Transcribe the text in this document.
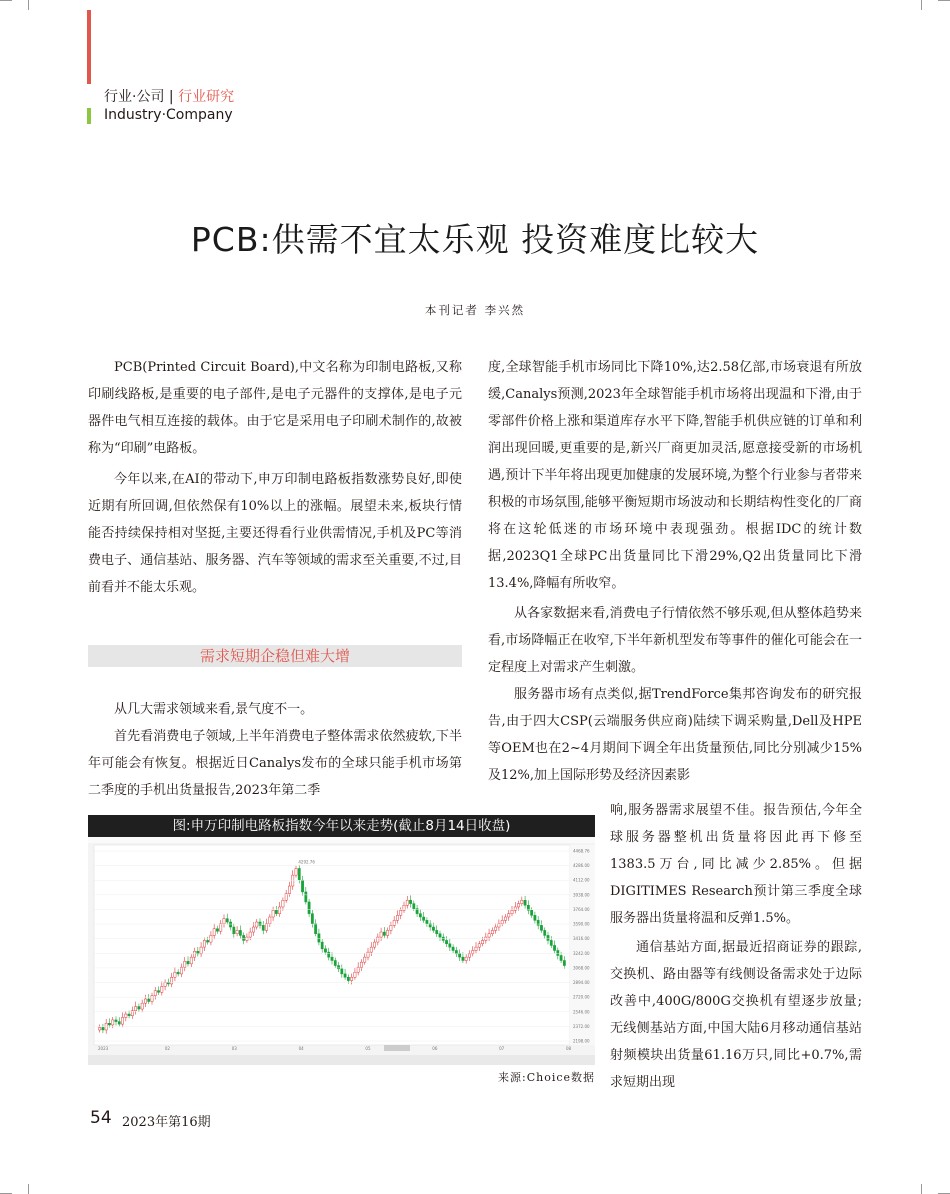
行业·公司 | 行业研究
Industry·Company
PCB:供需不宜太乐观 投资难度比较大
本刊记者 李兴然

PCB(Printed Circuit Board),中文名称为印制电路板,又称印刷线路板,是重要的电子部件,是电子元器件的支撑体,是电子元器件电气相互连接的载体。由于它是采用电子印刷术制作的,故被称为“印刷”电路板。

今年以来,在AI的带动下,申万印制电路板指数涨势良好,即使近期有所回调,但依然保有10%以上的涨幅。展望未来,板块行情能否持续保持相对坚挺,主要还得看行业供需情况,手机及PC等消费电子、通信基站、服务器、汽车等领域的需求至关重要,不过,目前看并不能太乐观。

需求短期企稳但难大增

从几大需求领域来看,景气度不一。

首先看消费电子领域,上半年消费电子整体需求依然疲软,下半年可能会有恢复。根据近日Canalys发布的全球只能手机市场第二季度的手机出货量报告,2023年第二季

度,全球智能手机市场同比下降10%,达2.58亿部,市场衰退有所放缓,Canalys预测,2023年全球智能手机市场将出现温和下滑,由于零部件价格上涨和渠道库存水平下降,智能手机供应链的订单和利润出现回暖,更重要的是,新兴厂商更加灵活,愿意接受新的市场机遇,预计下半年将出现更加健康的发展环境,为整个行业参与者带来积极的市场氛围,能够平衡短期市场波动和长期结构性变化的厂商将在这轮低迷的市场环境中表现强劲。根据IDC的统计数据,2023Q1全球PC出货量同比下滑29%,Q2出货量同比下滑13.4%,降幅有所收窄。

从各家数据来看,消费电子行情依然不够乐观,但从整体趋势来看,市场降幅正在收窄,下半年新机型发布等事件的催化可能会在一定程度上对需求产生刺激。

服务器市场有点类似,据TrendForce集邦咨询发布的研究报告,由于四大CSP(云端服务供应商)陆续下调采购量,Dell及HPE等OEM也在2~4月期间下调全年出货量预估,同比分别减少15%及12%,加上国际形势及经济因素影

响,服务器需求展望不佳。报告预估,今年全球服务器整机出货量将因此再下修至1383.5万台,同比减少2.85%。但据DIGITIMES Research预计第三季度全球服务器出货量将温和反弹1.5%。

通信基站方面,据最近招商证券的跟踪,交换机、路由器等有线侧设备需求处于边际改善中,400G/800G交换机有望逐步放量;无线侧基站方面,中国大陆6月移动通信基站射频模块出货量61.16万只,同比+0.7%,需求短期出现

4468.76
4286.00
4112.00
3938.00
3764.00
3590.00
3416.00
3242.00
3068.00
2894.00
2720.00
2546.00
2372.00
2198.00
2023	02	03	04	05	06	07	08
4292.76
图:申万印制电路板指数今年以来走势(截止8月14日收盘)
来源:Choice数据
54 2023年第16期
